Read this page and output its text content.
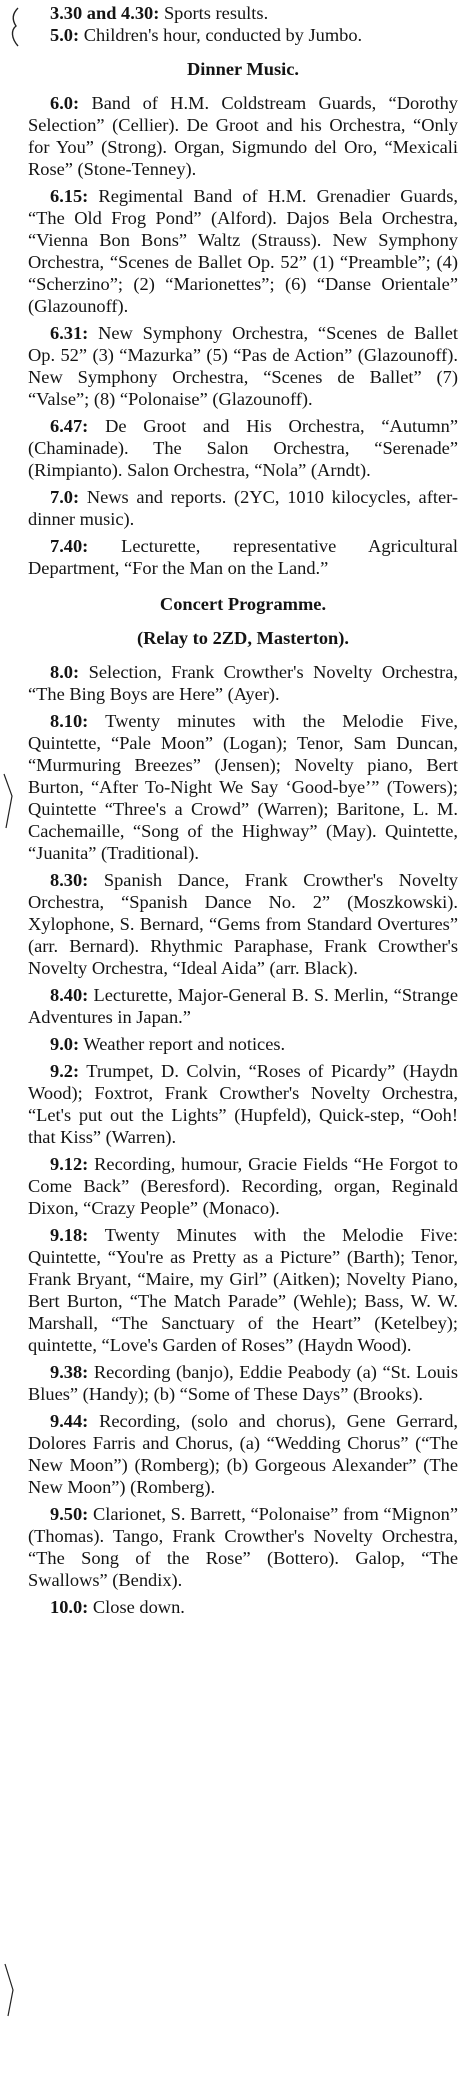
3.30 and 4.30: Sports results.

5.0: Children's hour, conducted by Jumbo.

Dinner Music.

6.0: Band of H.M. Coldstream Guards, “Dorothy Selection” (Cellier). De Groot and his Orchestra, “Only for You” (Strong). Organ, Sigmundo del Oro, “Mexicali Rose” (Stone-Tenney).

6.15: Regimental Band of H.M. Grenadier Guards, “The Old Frog Pond” (Alford). Dajos Bela Orchestra, “Vienna Bon Bons” Waltz (Strauss). New Symphony Orchestra, “Scenes de Ballet Op. 52” (1) “Preamble”; (4) “Scherzino”; (2) “Marionettes”; (6) “Danse Orientale” (Glazounoff).

6.31: New Symphony Orchestra, “Scenes de Ballet Op. 52” (3) “Mazurka” (5) “Pas de Action” (Glazounoff). New Symphony Orchestra, “Scenes de Ballet” (7) “Valse”; (8) “Polonaise” (Glazounoff).

6.47: De Groot and His Orchestra, “Autumn” (Chaminade). The Salon Orchestra, “Serenade” (Rimpianto). Salon Orchestra, “Nola” (Arndt).

7.0: News and reports. (2YC, 1010 kilocycles, after-dinner music).

7.40: Lecturette, representative Agricultural Department, “For the Man on the Land.”

Concert Programme.
(Relay to 2ZD, Masterton).

8.0: Selection, Frank Crowther's Novelty Orchestra, “The Bing Boys are Here” (Ayer).

8.10: Twenty minutes with the Melodie Five, Quintette, “Pale Moon” (Logan); Tenor, Sam Duncan, “Murmuring Breezes” (Jensen); Novelty piano, Bert Burton, “After To-Night We Say ‘Good-bye’” (Towers); Quintette “Three's a Crowd” (Warren); Baritone, L. M. Cachemaille, “Song of the Highway” (May). Quintette, “Juanita” (Traditional).

8.30: Spanish Dance, Frank Crowther's Novelty Orchestra, “Spanish Dance No. 2” (Moszkowski). Xylophone, S. Bernard, “Gems from Standard Overtures” (arr. Bernard). Rhythmic Paraphase, Frank Crowther's Novelty Orchestra, “Ideal Aida” (arr. Black).

8.40: Lecturette, Major-General B. S. Merlin, “Strange Adventures in Japan.”

9.0: Weather report and notices.

9.2: Trumpet, D. Colvin, “Roses of Picardy” (Haydn Wood); Foxtrot, Frank Crowther's Novelty Orchestra, “Let's put out the Lights” (Hupfeld), Quick-step, “Ooh! that Kiss” (Warren).

9.12: Recording, humour, Gracie Fields “He Forgot to Come Back” (Beresford). Recording, organ, Reginald Dixon, “Crazy People” (Monaco).

9.18: Twenty Minutes with the Melodie Five: Quintette, “You're as Pretty as a Picture” (Barth); Tenor, Frank Bryant, “Maire, my Girl” (Aitken); Novelty Piano, Bert Burton, “The Match Parade” (Wehle); Bass, W. W. Marshall, “The Sanctuary of the Heart” (Ketelbey); quintette, “Love's Garden of Roses” (Haydn Wood).

9.38: Recording (banjo), Eddie Peabody (a) “St. Louis Blues” (Handy); (b) “Some of These Days” (Brooks).

9.44: Recording, (solo and chorus), Gene Gerrard, Dolores Farris and Chorus, (a) “Wedding Chorus” (“The New Moon”) (Romberg); (b) Gorgeous Alexander” (The New Moon”) (Romberg).

9.50: Clarionet, S. Barrett, “Polonaise” from “Mignon” (Thomas). Tango, Frank Crowther's Novelty Orchestra, “The Song of the Rose” (Bottero). Galop, “The Swallows” (Bendix).

10.0: Close down.
